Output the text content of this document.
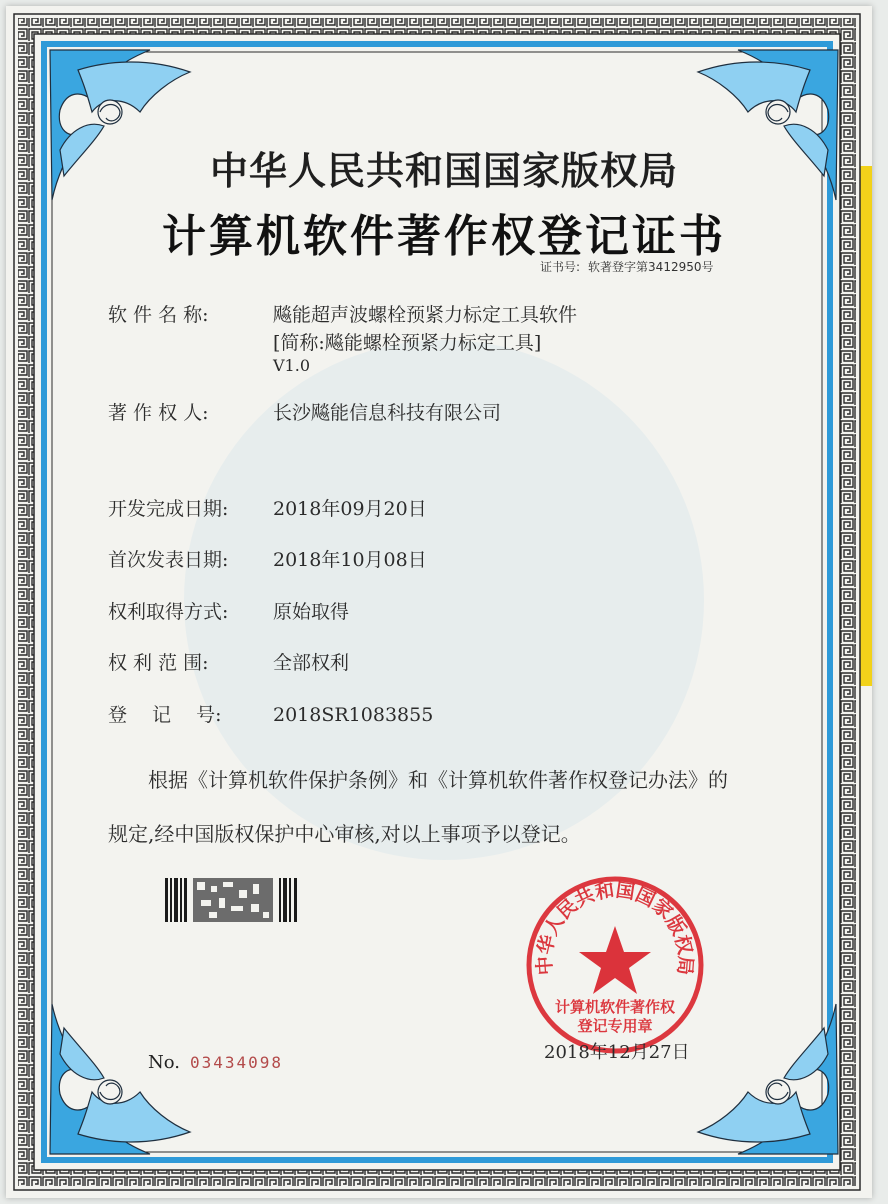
中华人民共和国国家版权局
计算机软件著作权登记证书
证书号: 软著登字第3412950号
软 件 名 称:	飚能超声波螺栓预紧力标定工具软件
[简称:飚能螺栓预紧力标定工具]
V1.0
著 作 权 人:	长沙飚能信息科技有限公司
开发完成日期: 2018年09月20日
首次发表日期: 2018年10月08日
权利取得方式: 原始取得
权 利 范 围:	全部权利
登　 记　 号:	2018SR1083855
根据《计算机软件保护条例》和《计算机软件著作权登记办法》的
规定,经中国版权保护中心审核,对以上事项予以登记。
中华人民共和国国家版权局
计算机软件著作权
登记专用章
2018年12月27日
No. 03434098
